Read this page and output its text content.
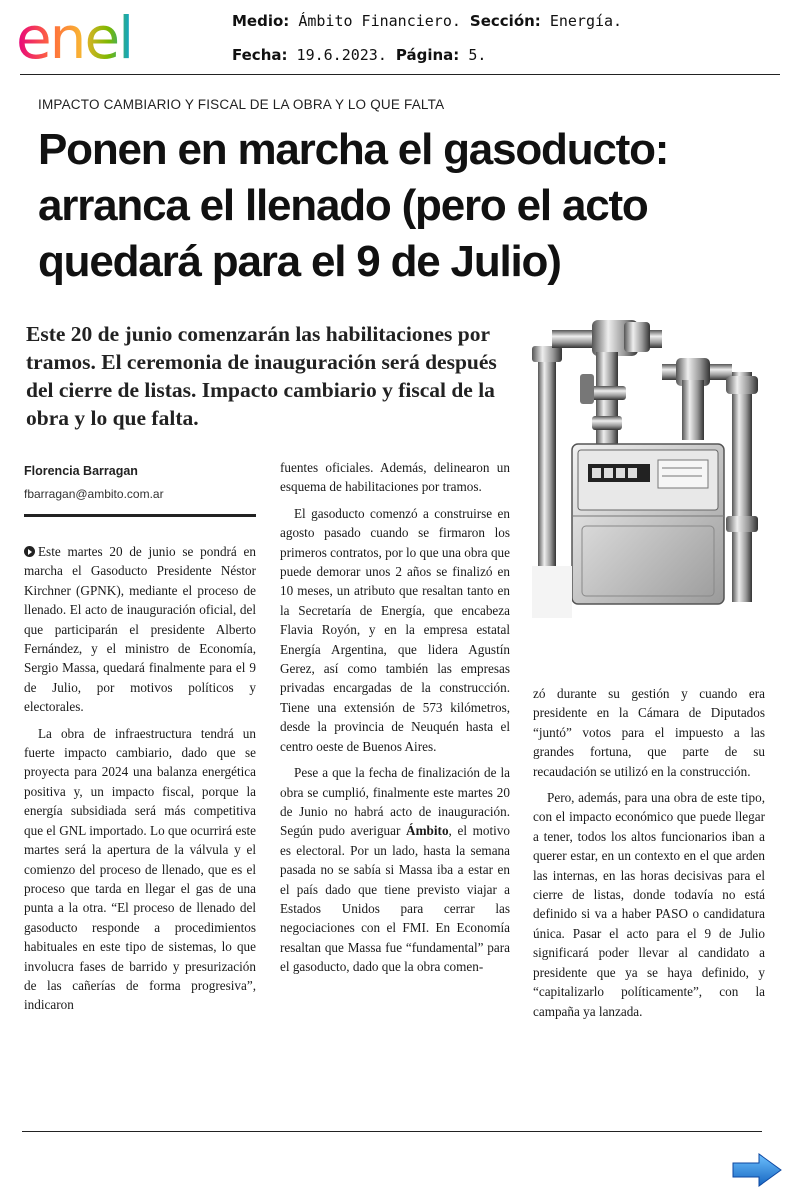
enel	Medio: Ámbito Financiero. Sección: Energía.
Fecha: 19.6.2023. Página: 5.
IMPACTO CAMBIARIO Y FISCAL DE LA OBRA Y LO QUE FALTA
Ponen en marcha el gasoducto: arranca el llenado (pero el acto quedará para el 9 de Julio)
Este 20 de junio comenzarán las habilitaciones por tramos. El ceremonia de inauguración será después del cierre de listas. Impacto cambiario y fiscal de la obra y lo que falta.
Florencia Barragan
fbarragan@ambito.com.ar

Este martes 20 de junio se pondrá en marcha el Gasoducto Presidente Néstor Kirchner (GPNK), mediante el proceso de llenado. El acto de inauguración oficial, del que participarán el presidente Alberto Fernández, y el ministro de Economía, Sergio Massa, quedará finalmente para el 9 de Julio, por motivos políticos y electorales.

La obra de infraestructura tendrá un fuerte impacto cambiario, dado que se proyecta para 2024 una balanza energética positiva y, un impacto fiscal, porque la energía subsidiada será más competitiva que el GNL importado. Lo que ocurrirá este martes será la apertura de la válvula y el comienzo del proceso de llenado, que es el proceso que tarda en llegar el gas de una punta a la otra. “El proceso de llenado del gasoducto responde a procedimientos habituales en este tipo de sistemas, lo que involucra fases de barrido y presurización de las cañerías de forma progresiva”, indicaron

fuentes oficiales. Además, delinearon un esquema de habilitaciones por tramos.

El gasoducto comenzó a construirse en agosto pasado cuando se firmaron los primeros contratos, por lo que una obra que puede demorar unos 2 años se finalizó en 10 meses, un atributo que resaltan tanto en la Secretaría de Energía, que encabeza Flavia Royón, y en la empresa estatal Energía Argentina, que lidera Agustín Gerez, así como también las empresas privadas encargadas de la construcción. Tiene una extensión de 573 kilómetros, desde la provincia de Neuquén hasta el centro oeste de Buenos Aires.

Pese a que la fecha de finalización de la obra se cumplió, finalmente este martes 20 de Junio no habrá acto de inauguración. Según pudo averiguar Ámbito, el motivo es electoral. Por un lado, hasta la semana pasada no se sabía si Massa iba a estar en el país dado que tiene previsto viajar a Estados Unidos para cerrar las negociaciones con el FMI. En Economía resaltan que Massa fue “fundamental” para el gasoducto, dado que la obra comen-

zó durante su gestión y cuando era presidente en la Cámara de Diputados “juntó” votos para el impuesto a las grandes fortuna, que parte de su recaudación se utilizó en la construcción.

Pero, además, para una obra de este tipo, con el impacto económico que puede llegar a tener, todos los altos funcionarios iban a querer estar, en un contexto en el que arden las internas, en las horas decisivas para el cierre de listas, donde todavía no está definido si va a haber PASO o candidatura única. Pasar el acto para el 9 de Julio significará poder llevar al candidato a presidente que ya se haya definido, y “capitalizarlo políticamente”, con la campaña ya lanzada.
